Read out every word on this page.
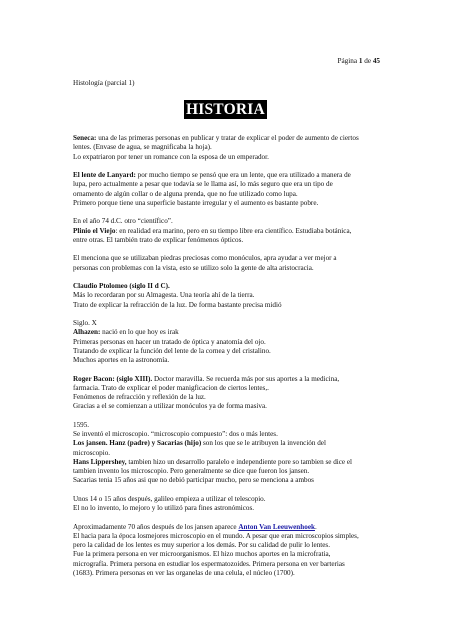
Página 1 de 45
Histología (parcial 1)
HISTORIA

Seneca: una de las primeras personas en publicar y tratar de explicar el poder de aumento de ciertos
lentes. (Envase de agua, se magnificaba la hoja).
Lo expatriaron por tener un romance con la esposa de un emperador.

El lente de Lanyard: por mucho tiempo se pensó que era un lente, que era utilizado a manera de
lupa, pero actualmente a pesar que todavía se le llama así, lo más seguro que era un tipo de
ornamento de algún collar o de alguna prenda, que no fue utilizado como lupa.
Primero porque tiene una superficie bastante irregular y el aumento es bastante pobre.

En el año 74 d.C. otro “científico”.
Plinio el Viejo: en realidad era marino, pero en su tiempo libre era científico. Estudiaba botánica,
entre otras. El también trato de explicar fenómenos ópticos.

El menciona que se utilizaban piedras preciosas como monóculos, apra ayudar a ver mejor a
personas con problemas con la vista, esto se utilizo solo la gente de alta aristocracia.

Claudio Ptolomeo (siglo II d C).
Más lo recordaran por su Almagesta. Una teoría ahí de la tierra.
Trato de explicar la refracción de la luz. De forma bastante precisa midió

Siglo. X
Alhazen: nació en lo que hoy es irak
Primeras personas en hacer un tratado de óptica y anatomía del ojo.
Tratando de explicar la función del lente de la cornea y del cristalino.
Muchos aportes en la astronomía.

Roger Bacon: (siglo XIII). Doctor maravilla. Se recuerda más por sus aportes a la medicina,
farmacia. Trato de explicar el poder manigficacion de ciertos lentes,.
Fenómenos de refracción y reflexión de la luz.
Gracias a el se comienzan a utilizar monóculos ya de forma masiva.

1595.
Se inventó el microscopio. “microscopio compuesto”: dos o más lentes.
Los jansen. Hanz (padre) y Sacarias (hijo) son los que se le atribuyen la invención del
microscopio.
Hans Lippershey, tambien hizo un desarrollo paralelo e independiente pore so tambien se dice el
tambien invento los microscopio. Pero generalmente se dice que fueron los jansen.
Sacarias tenia 15 años asi que no debió participar mucho, pero se menciona a ambos

Unos 14 o 15 años después, galileo empieza a utilizar el telescopio.
El no lo invento, lo mejoro y lo utilizó para fines astronómicos.

Aproximadamente 70 años después de los jansen aparece Anton Van Leeuwenhoek.
El hacia para la época losmejores microscopio en el mundo. A pesar que eran microscopios simples,
pero la calidad de los lentes es muy superior a los demás. Por su calidad de pulir lo lentes.
Fue la primera persona en ver microorganismos. El hizo muchos aportes en la microfratia,
micrografía. Primera persona en estudiar los espermatozoides. Primera persona en ver barterias
(1683). Primera personas en ver las organelas de una celula, el núcleo (1700).
